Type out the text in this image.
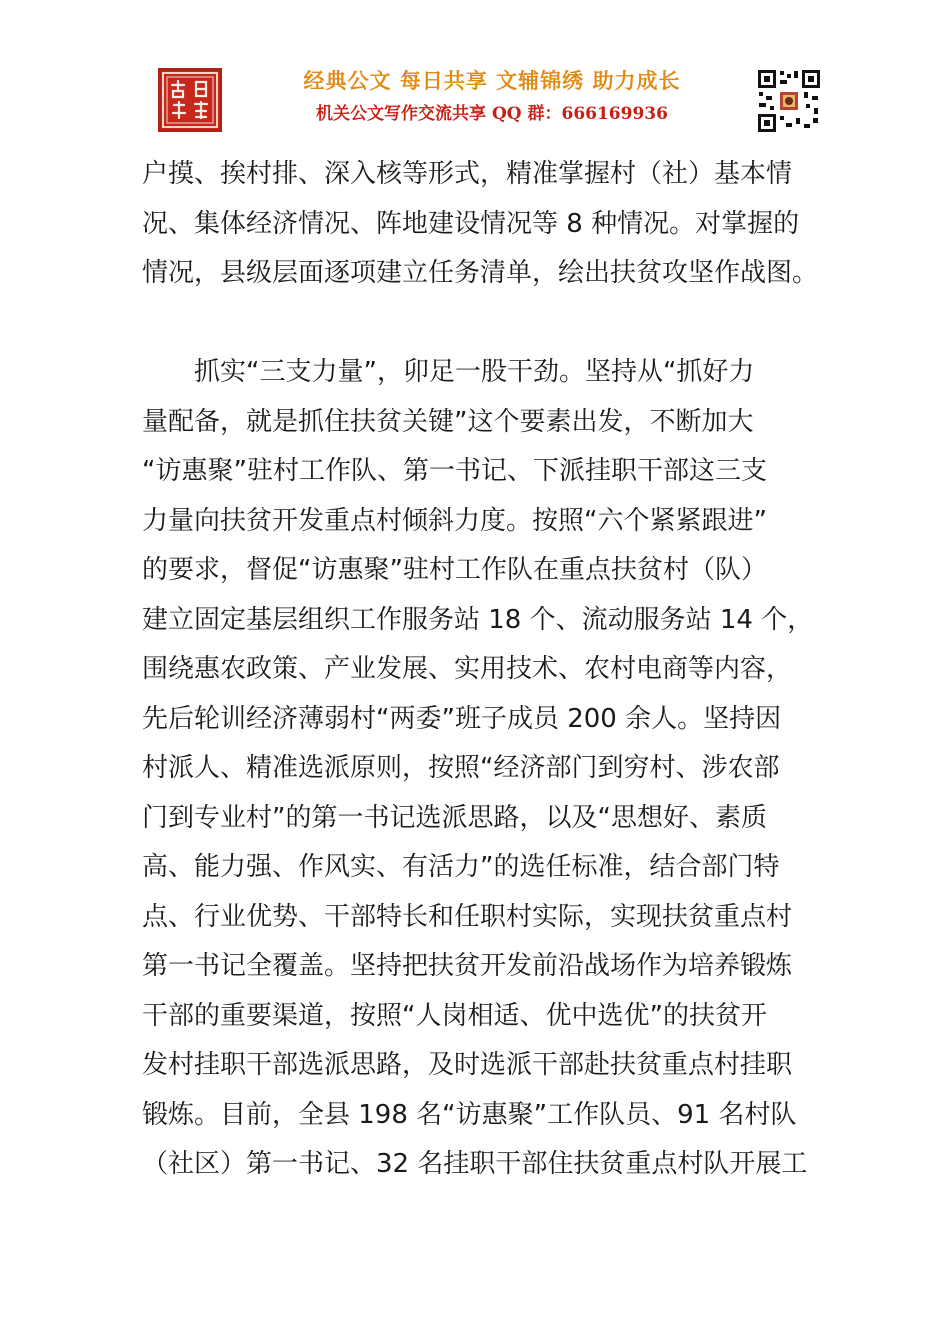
经典公文 每日共享 文辅锦绣 助力成长
机关公文写作交流共享 QQ 群：666169936

户摸、挨村排、深入核等形式，精准掌握村（社）基本情

况、集体经济情况、阵地建设情况等 8 种情况。对掌握的

情况，县级层面逐项建立任务清单，绘出扶贫攻坚作战图。

　　抓实“三支力量”，卯足一股干劲。坚持从“抓好力

量配备，就是抓住扶贫关键”这个要素出发，不断加大

“访惠聚”驻村工作队、第一书记、下派挂职干部这三支

力量向扶贫开发重点村倾斜力度。按照“六个紧紧跟进”

的要求，督促“访惠聚”驻村工作队在重点扶贫村（队）

建立固定基层组织工作服务站 18 个、流动服务站 14 个，

围绕惠农政策、产业发展、实用技术、农村电商等内容，

先后轮训经济薄弱村“两委”班子成员 200 余人。坚持因

村派人、精准选派原则，按照“经济部门到穷村、涉农部

门到专业村”的第一书记选派思路，以及“思想好、素质

高、能力强、作风实、有活力”的选任标准，结合部门特

点、行业优势、干部特长和任职村实际，实现扶贫重点村

第一书记全覆盖。坚持把扶贫开发前沿战场作为培养锻炼

干部的重要渠道，按照“人岗相适、优中选优”的扶贫开

发村挂职干部选派思路，及时选派干部赴扶贫重点村挂职

锻炼。目前，全县 198 名“访惠聚”工作队员、91 名村队

（社区）第一书记、32 名挂职干部住扶贫重点村队开展工
